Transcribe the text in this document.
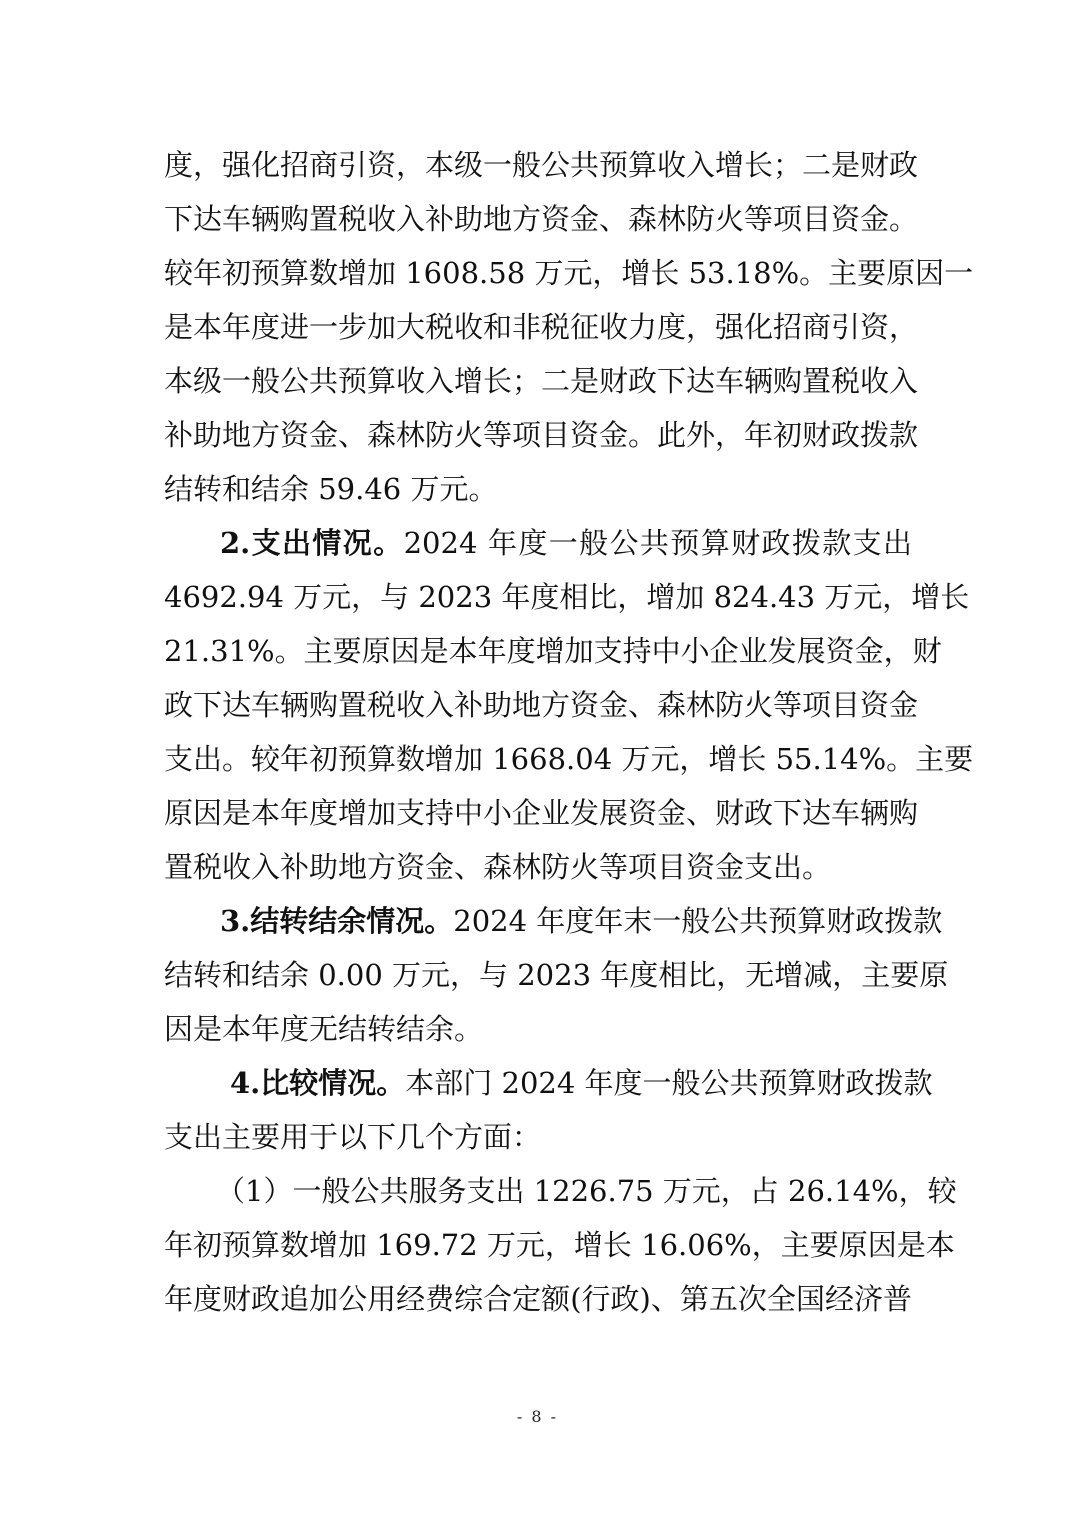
度，强化招商引资，本级一般公共预算收入增长；二是财政
下达车辆购置税收入补助地方资金、森林防火等项目资金。
较年初预算数增加 1608.58 万元，增长 53.18%。主要原因一
是本年度进一步加大税收和非税征收力度，强化招商引资，
本级一般公共预算收入增长；二是财政下达车辆购置税收入
补助地方资金、森林防火等项目资金。此外，年初财政拨款
结转和结余 59.46 万元。
2.支出情况。2024 年度一般公共预算财政拨款支出
4692.94 万元，与 2023 年度相比，增加 824.43 万元，增长
21.31%。主要原因是本年度增加支持中小企业发展资金，财
政下达车辆购置税收入补助地方资金、森林防火等项目资金
支出。较年初预算数增加 1668.04 万元，增长 55.14%。主要
原因是本年度增加支持中小企业发展资金、财政下达车辆购
置税收入补助地方资金、森林防火等项目资金支出。
3.结转结余情况。2024 年度年末一般公共预算财政拨款
结转和结余 0.00 万元，与 2023 年度相比，无增减，主要原
因是本年度无结转结余。
4.比较情况。本部门 2024 年度一般公共预算财政拨款
支出主要用于以下几个方面：
（1）一般公共服务支出 1226.75 万元，占 26.14%，较
年初预算数增加 169.72 万元，增长 16.06%，主要原因是本
年度财政追加公用经费综合定额(行政)、第五次全国经济普
- 8 -
